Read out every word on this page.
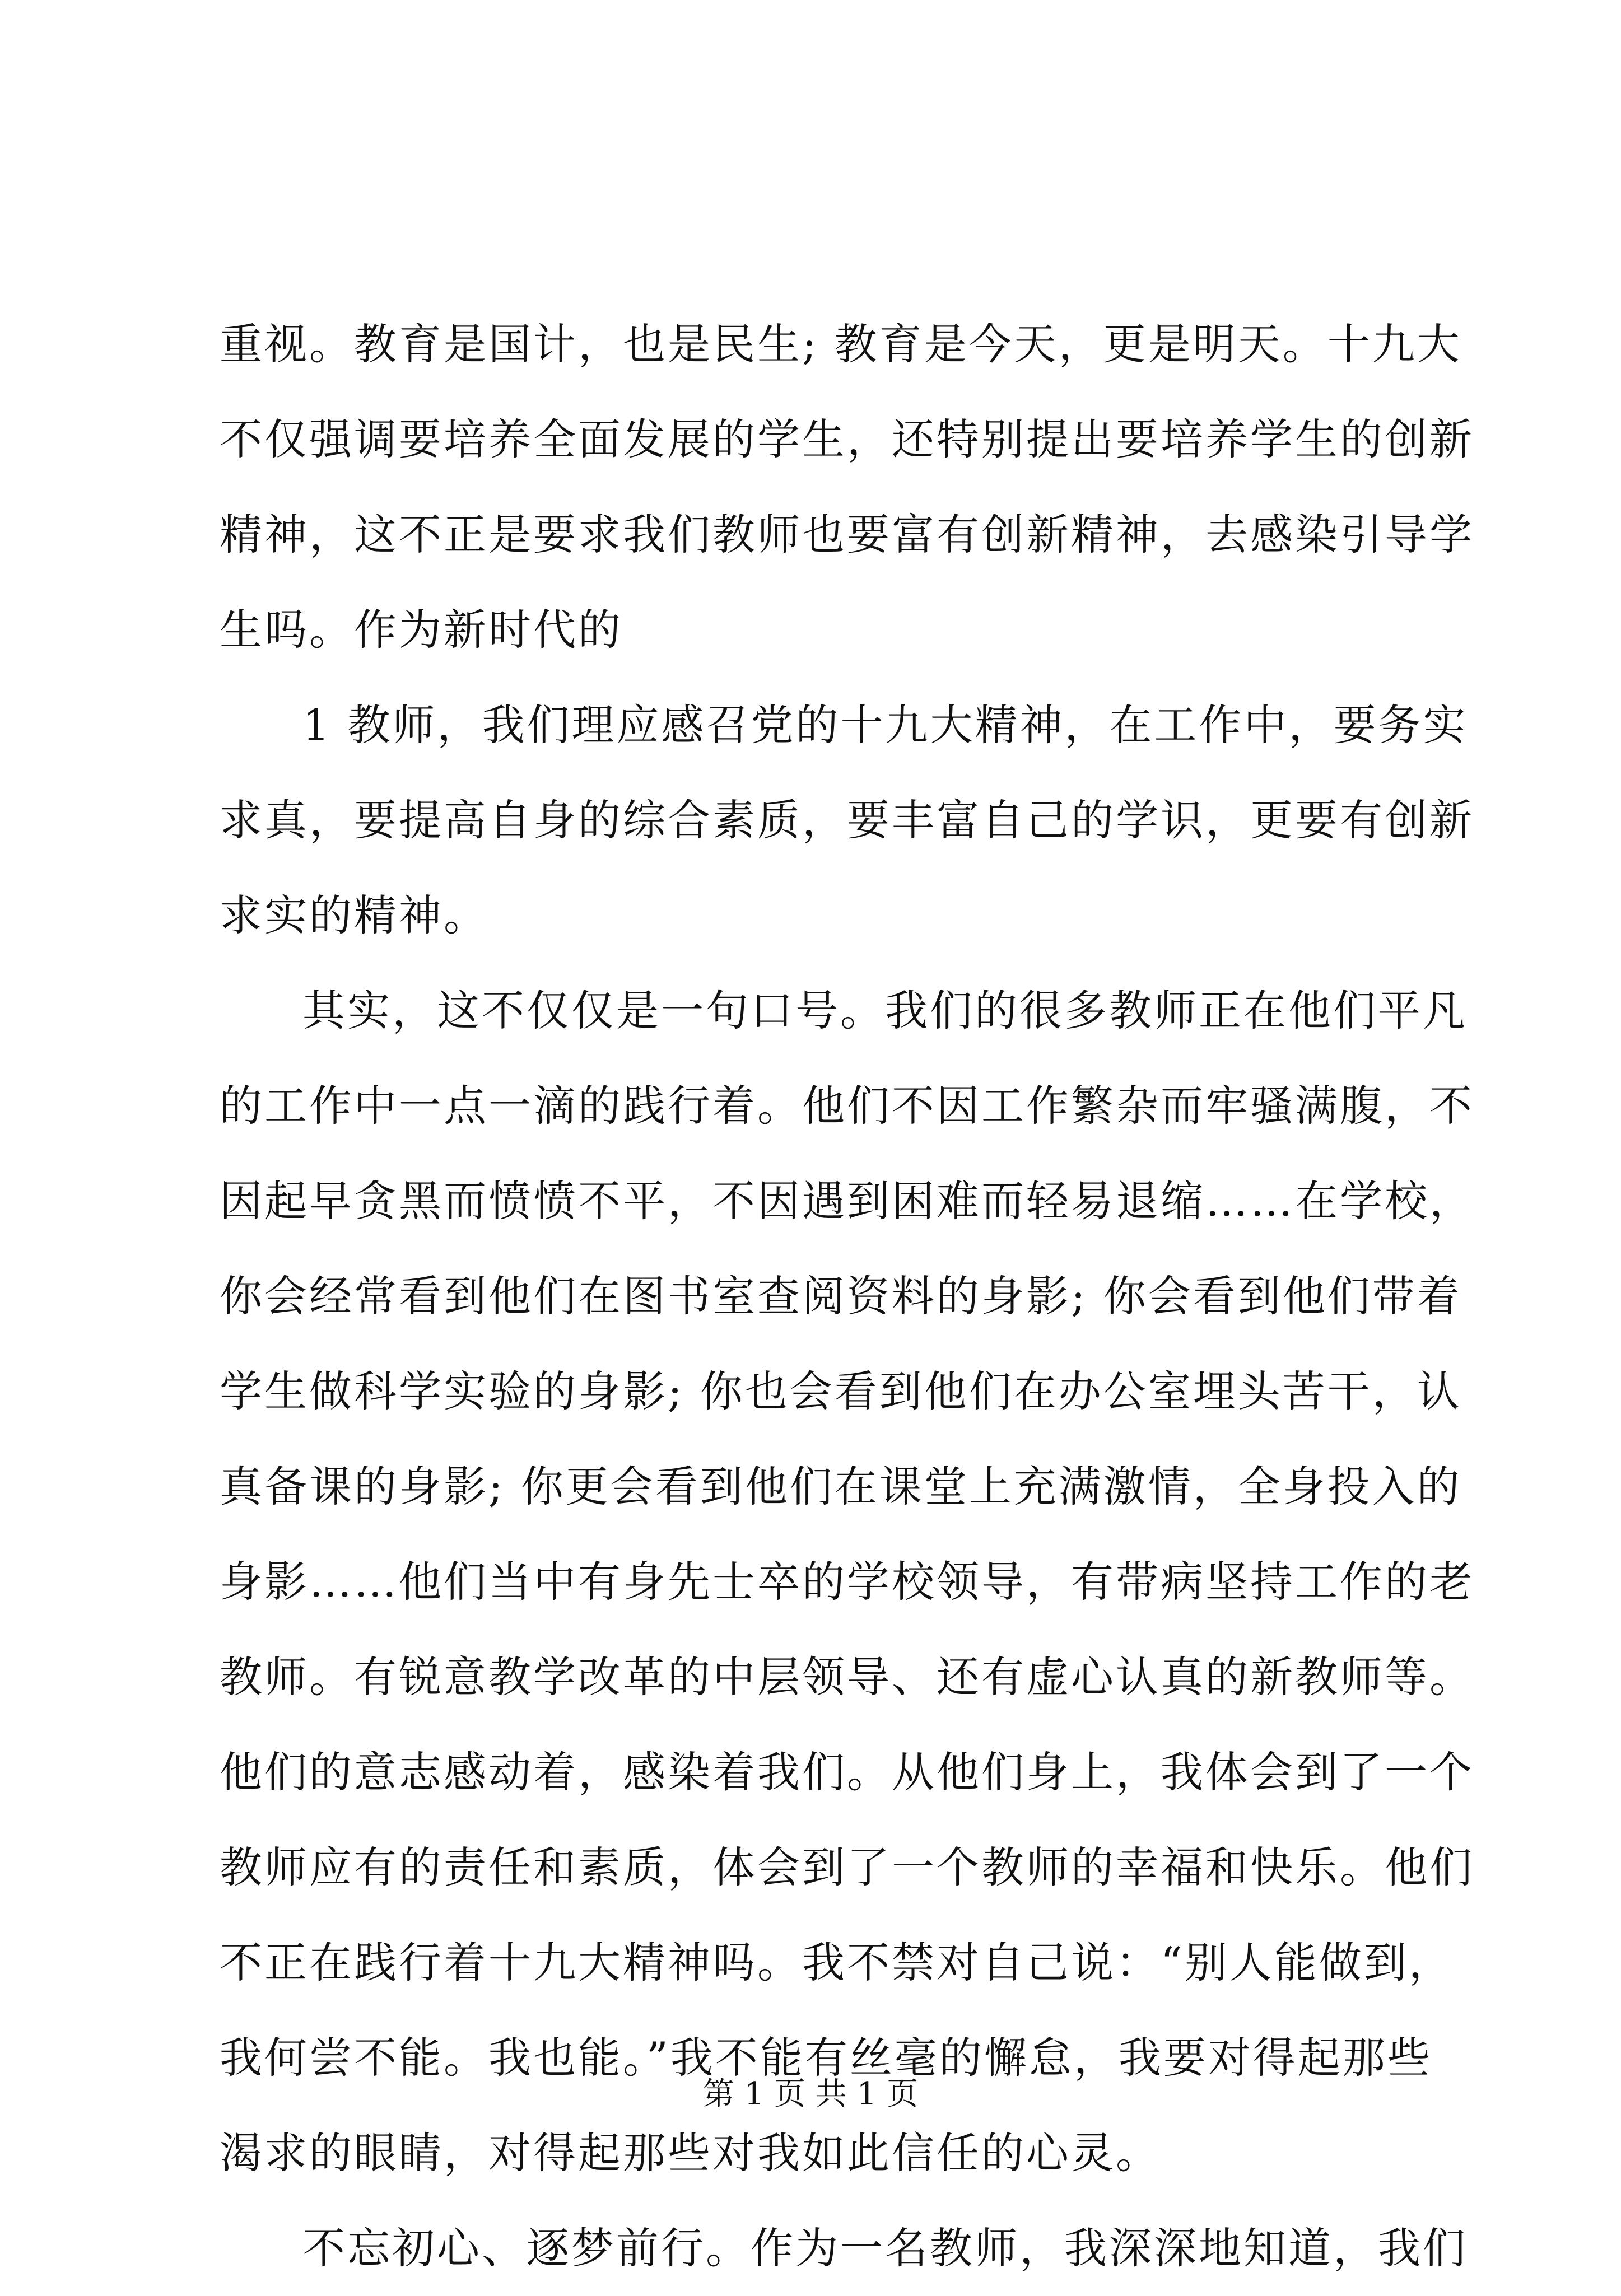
重视。教育是国计，也是民生; 教育是今天，更是明天。十九大
不仅强调要培养全面发展的学生，还特别提出要培养学生的创新
精神，这不正是要求我们教师也要富有创新精神，去感染引导学
生吗。作为新时代的
1 教师，我们理应感召党的十九大精神，在工作中，要务实
求真，要提高自身的综合素质，要丰富自己的学识，更要有创新
求实的精神。
其实，这不仅仅是一句口号。我们的很多教师正在他们平凡
的工作中一点一滴的践行着。他们不因工作繁杂而牢骚满腹，不
因起早贪黑而愤愤不平，不因遇到困难而轻易退缩……在学校，
你会经常看到他们在图书室查阅资料的身影; 你会看到他们带着
学生做科学实验的身影; 你也会看到他们在办公室埋头苦干，认
真备课的身影; 你更会看到他们在课堂上充满激情，全身投入的
身影……他们当中有身先士卒的学校领导，有带病坚持工作的老
教师。有锐意教学改革的中层领导、还有虚心认真的新教师等。
他们的意志感动着，感染着我们。从他们身上，我体会到了一个
教师应有的责任和素质，体会到了一个教师的幸福和快乐。他们
不正在践行着十九大精神吗。我不禁对自己说：“别人能做到，
我何尝不能。我也能。”我不能有丝毫的懈怠，我要对得起那些
渴求的眼睛，对得起那些对我如此信任的心灵。
不忘初心、逐梦前行。作为一名教师，我深深地知道，我们
第 1 页 共 1 页
